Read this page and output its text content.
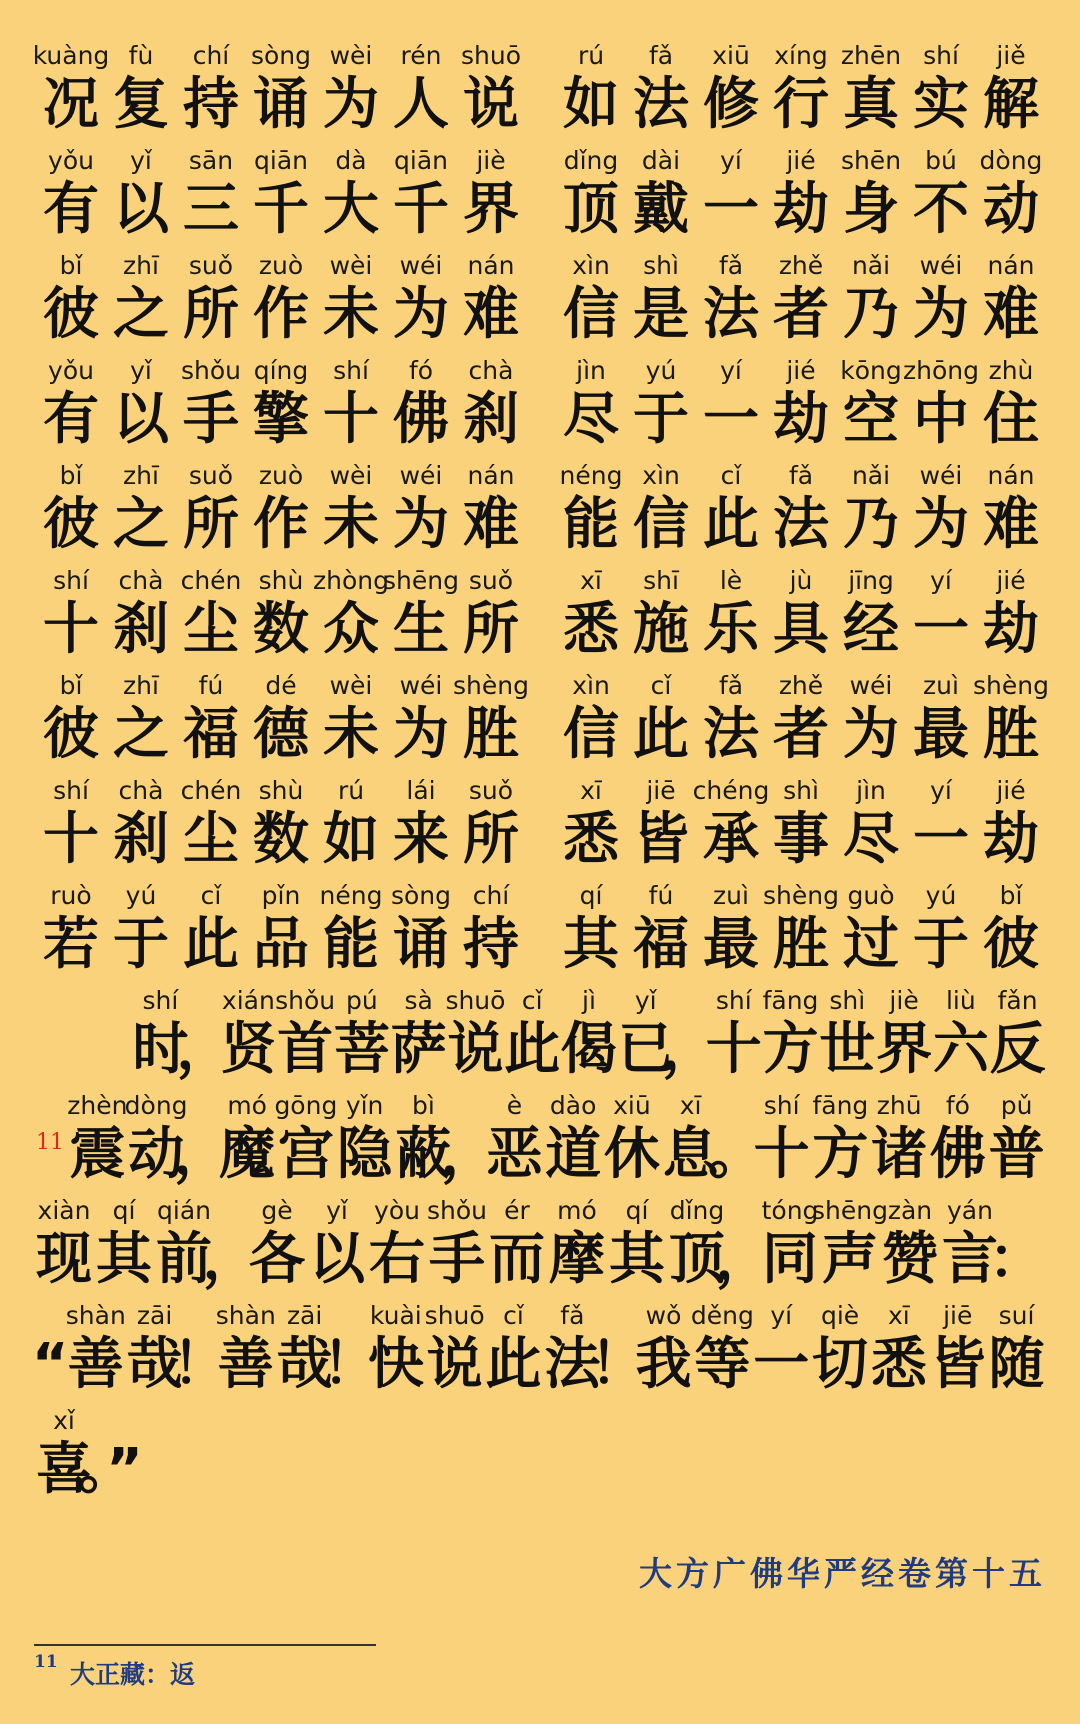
kuàng
况
fù
复
chí
持
sòng
诵
wèi
为
rén
人
shuō
说
rú
如
fǎ
法
xiū
修
xíng
行
zhēn
真
shí
实
jiě
解
yǒu
有
yǐ
以
sān
三
qiān
千
dà
大
qiān
千
jiè
界
dǐng
顶
dài
戴
yí
一
jié
劫
shēn
身
bú
不
dòng
动
bǐ
彼
zhī
之
suǒ
所
zuò
作
wèi
未
wéi
为
nán
难
xìn
信
shì
是
fǎ
法
zhě
者
nǎi
乃
wéi
为
nán
难
yǒu
有
yǐ
以
shǒu
手
qíng
擎
shí
十
fó
佛
chà
刹
jìn
尽
yú
于
yí
一
jié
劫
kōng
空
zhōng
中
zhù
住
bǐ
彼
zhī
之
suǒ
所
zuò
作
wèi
未
wéi
为
nán
难
néng
能
xìn
信
cǐ
此
fǎ
法
nǎi
乃
wéi
为
nán
难
shí
十
chà
刹
chén
尘
shù
数
zhòng
众
shēng
生
suǒ
所
xī
悉
shī
施
lè
乐
jù
具
jīng
经
yí
一
jié
劫
bǐ
彼
zhī
之
fú
福
dé
德
wèi
未
wéi
为
shèng
胜
xìn
信
cǐ
此
fǎ
法
zhě
者
wéi
为
zuì
最
shèng
胜
shí
十
chà
刹
chén
尘
shù
数
rú
如
lái
来
suǒ
所
xī
悉
jiē
皆
chéng
承
shì
事
jìn
尽
yí
一
jié
劫
ruò
若
yú
于
cǐ
此
pǐn
品
néng
能
sòng
诵
chí
持
qí
其
fú
福
zuì
最
shèng
胜
guò
过
yú
于
bǐ
彼
shí
时
，
xián
贤
shǒu
首
pú
菩
sà
萨
shuō
说
cǐ
此
jì
偈
yǐ
已
，
shí
十
fāng
方
shì
世
jiè
界
liù
六
fǎn
反
11
zhèn
震
dòng
动
，
mó
魔
gōng
宫
yǐn
隐
bì
蔽
，
è
恶
dào
道
xiū
休
xī
息
。
shí
十
fāng
方
zhū
诸
fó
佛
pǔ
普
xiàn
现
qí
其
qián
前
，
gè
各
yǐ
以
yòu
右
shǒu
手
ér
而
mó
摩
qí
其
dǐng
顶
，
tóng
同
shēng
声
zàn
赞
yán
言
：
“
shàn
善
zāi
哉
！
shàn
善
zāi
哉
！
kuài
快
shuō
说
cǐ
此
fǎ
法
！
wǒ
我
děng
等
yí
一
qiè
切
xī
悉
jiē
皆
suí
随
xǐ
喜
。”
大方广佛华严经卷第十五
11 大正藏：返
